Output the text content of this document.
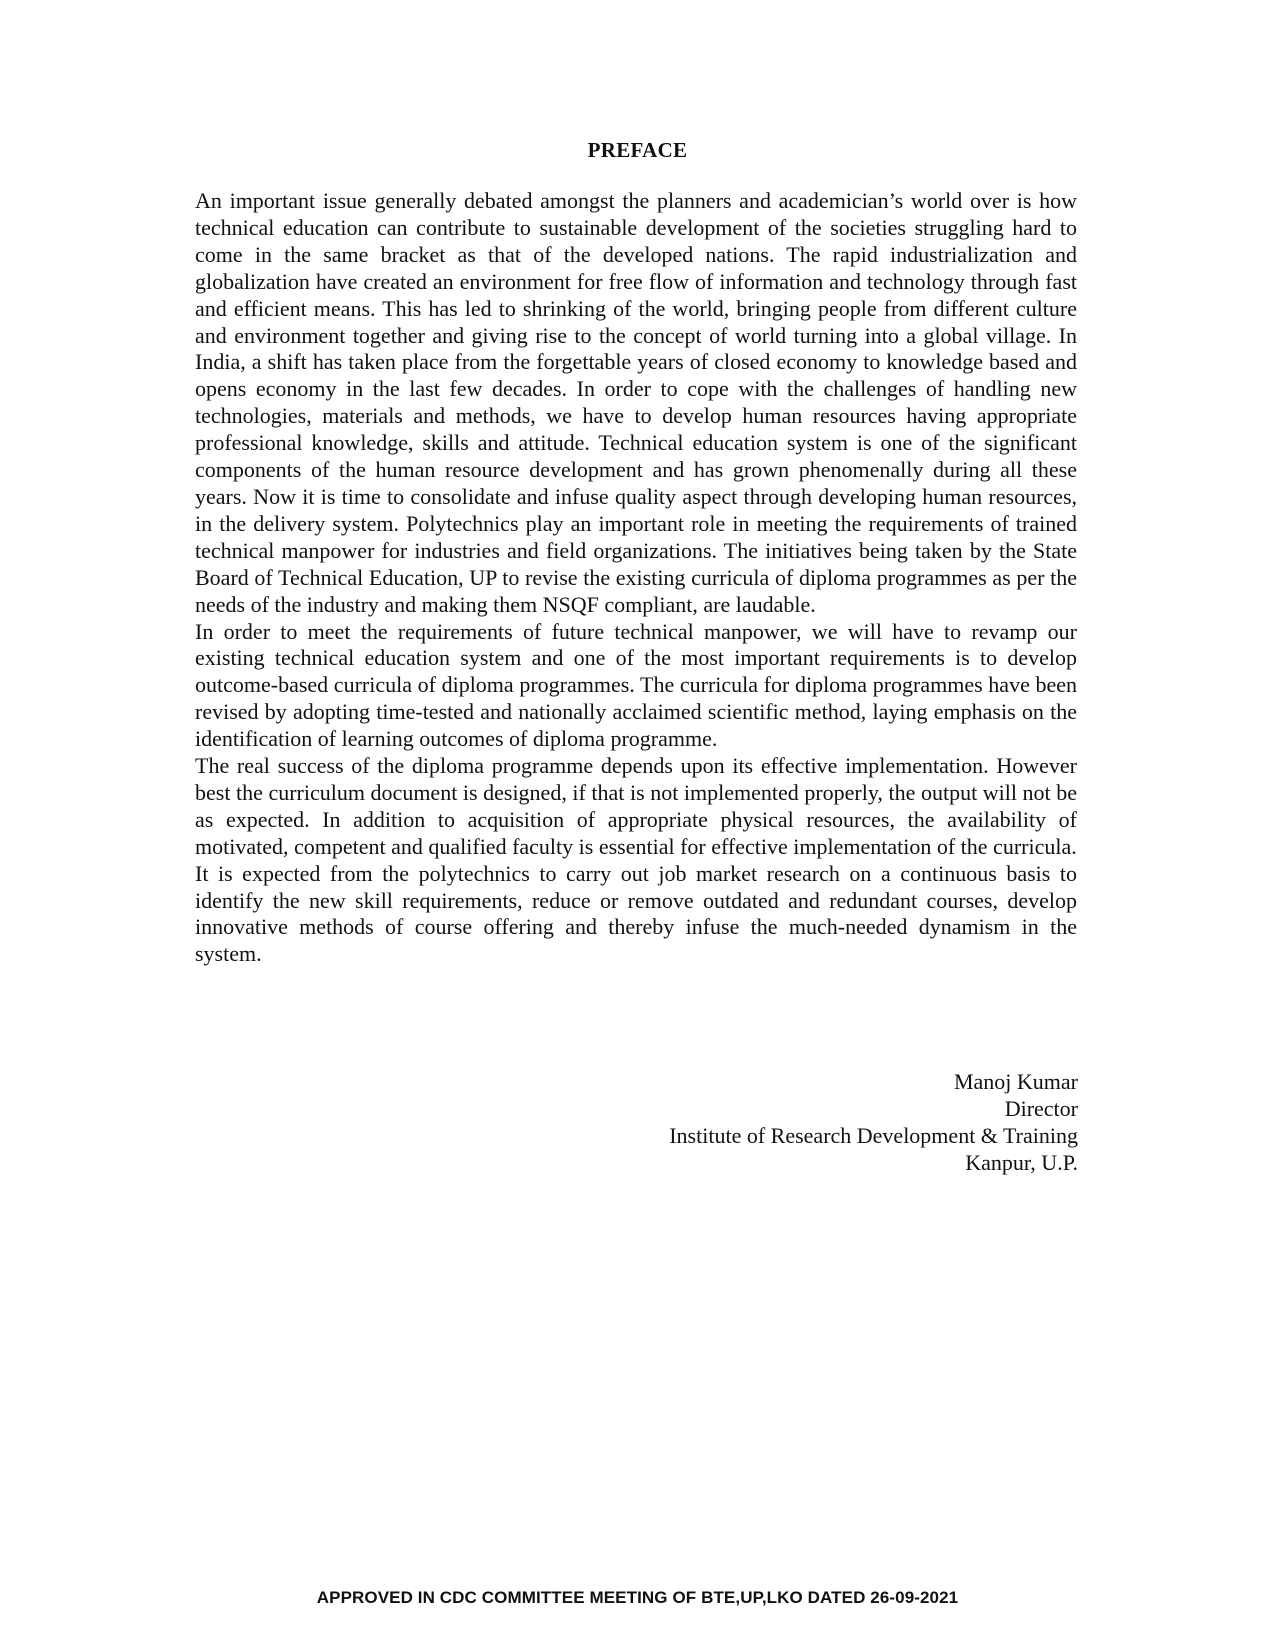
PREFACE

An important issue generally debated amongst the planners and academician’s world over is how technical education can contribute to sustainable development of the societies struggling hard to come in the same bracket as that of the developed nations. The rapid industrialization and globalization have created an environment for free flow of information and technology through fast and efficient means. This has led to shrinking of the world, bringing people from different culture and environment together and giving rise to the concept of world turning into a global village. In India, a shift has taken place from the forgettable years of closed economy to knowledge based and opens economy in the last few decades. In order to cope with the challenges of handling new technologies, materials and methods, we have to develop human resources having appropriate professional knowledge, skills and attitude. Technical education system is one of the significant components of the human resource development and has grown phenomenally during all these years. Now it is time to consolidate and infuse quality aspect through developing human resources, in the delivery system. Polytechnics play an important role in meeting the requirements of trained technical manpower for industries and field organizations. The initiatives being taken by the State Board of Technical Education, UP to revise the existing curricula of diploma programmes as per the needs of the industry and making them NSQF compliant, are laudable.

In order to meet the requirements of future technical manpower, we will have to revamp our existing technical education system and one of the most important requirements is to develop outcome-based curricula of diploma programmes. The curricula for diploma programmes have been revised by adopting time-tested and nationally acclaimed scientific method, laying emphasis on the identification of learning outcomes of diploma programme.

The real success of the diploma programme depends upon its effective implementation. However best the curriculum document is designed, if that is not implemented properly, the output will not be as expected. In addition to acquisition of appropriate physical resources, the availability of motivated, competent and qualified faculty is essential for effective implementation of the curricula.

It is expected from the polytechnics to carry out job market research on a continuous basis to identify the new skill requirements, reduce or remove outdated and redundant courses, develop innovative methods of course offering and thereby infuse the much-needed dynamism in the system.

Manoj Kumar
Director
Institute of Research Development & Training
Kanpur, U.P.
APPROVED IN CDC COMMITTEE MEETING OF BTE,UP,LKO DATED 26-09-2021
